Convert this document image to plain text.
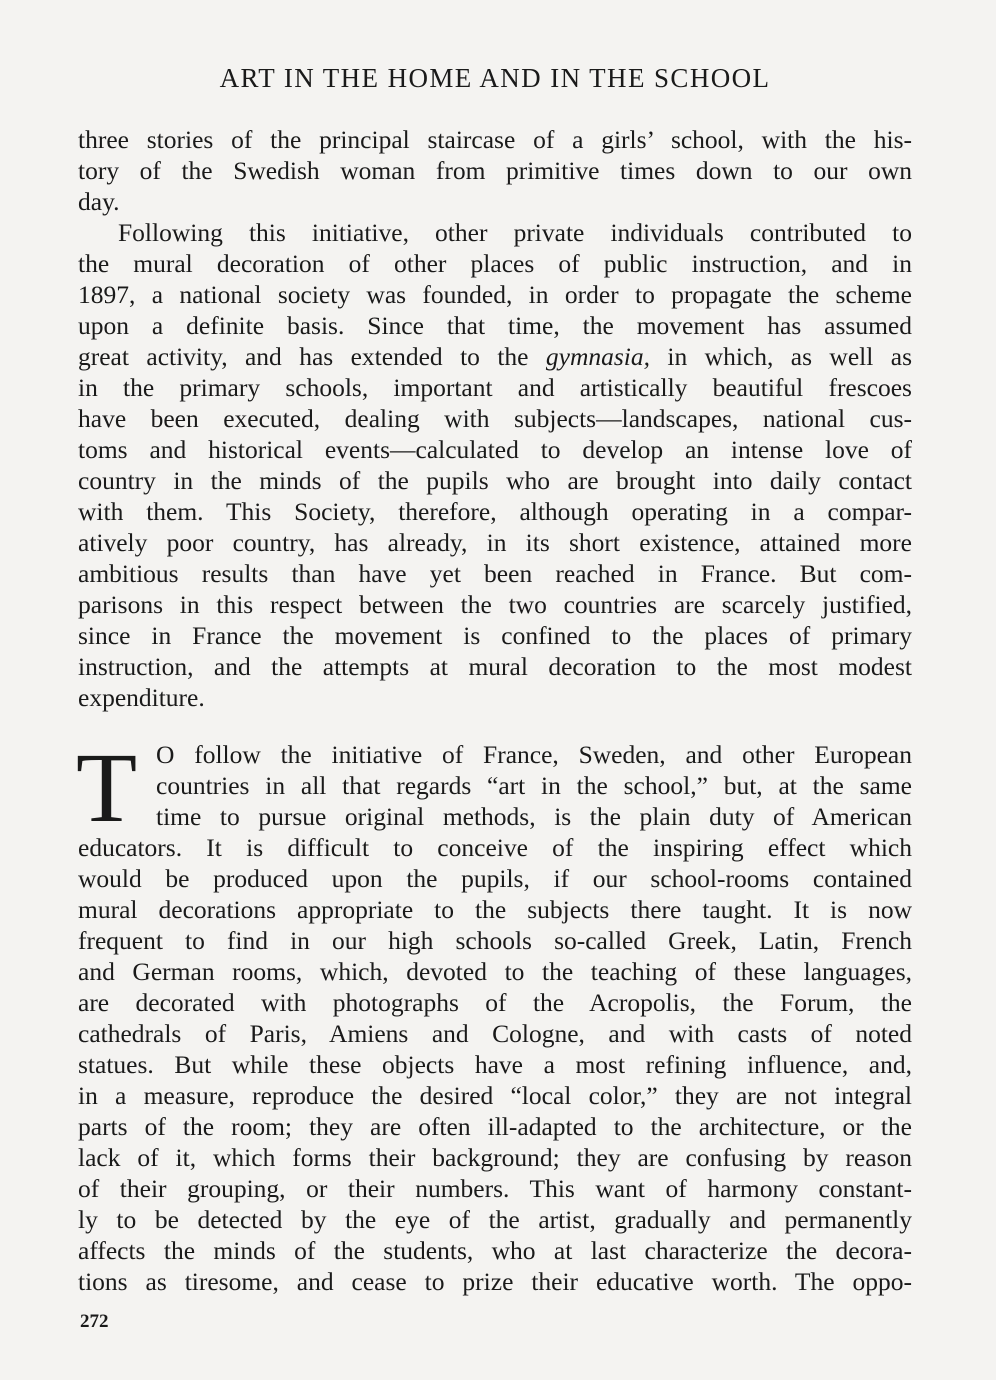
ART IN THE HOME AND IN THE SCHOOL
three stories of the principal staircase of a girls’ school, with the his-
tory of the Swedish woman from primitive times down to our own
day.
Following this initiative, other private individuals contributed to
the mural decoration of other places of public instruction, and in
1897, a national society was founded, in order to propagate the scheme
upon a definite basis. Since that time, the movement has assumed
great activity, and has extended to the gymnasia, in which, as well as
in the primary schools, important and artistically beautiful frescoes
have been executed, dealing with subjects—landscapes, national cus-
toms and historical events—calculated to develop an intense love of
country in the minds of the pupils who are brought into daily contact
with them. This Society, therefore, although operating in a compar-
atively poor country, has already, in its short existence, attained more
ambitious results than have yet been reached in France. But com-
parisons in this respect between the two countries are scarcely justified,
since in France the movement is confined to the places of primary
instruction, and the attempts at mural decoration to the most modest
expenditure.
T O follow the initiative of France, Sweden, and other European
countries in all that regards “art in the school,” but, at the same
time to pursue original methods, is the plain duty of American
educators. It is difficult to conceive of the inspiring effect which
would be produced upon the pupils, if our school-rooms contained
mural decorations appropriate to the subjects there taught. It is now
frequent to find in our high schools so-called Greek, Latin, French
and German rooms, which, devoted to the teaching of these languages,
are decorated with photographs of the Acropolis, the Forum, the
cathedrals of Paris, Amiens and Cologne, and with casts of noted
statues. But while these objects have a most refining influence, and,
in a measure, reproduce the desired “local color,” they are not integral
parts of the room; they are often ill-adapted to the architecture, or the
lack of it, which forms their background; they are confusing by reason
of their grouping, or their numbers. This want of harmony constant-
ly to be detected by the eye of the artist, gradually and permanently
affects the minds of the students, who at last characterize the decora-
tions as tiresome, and cease to prize their educative worth. The oppo-
272
